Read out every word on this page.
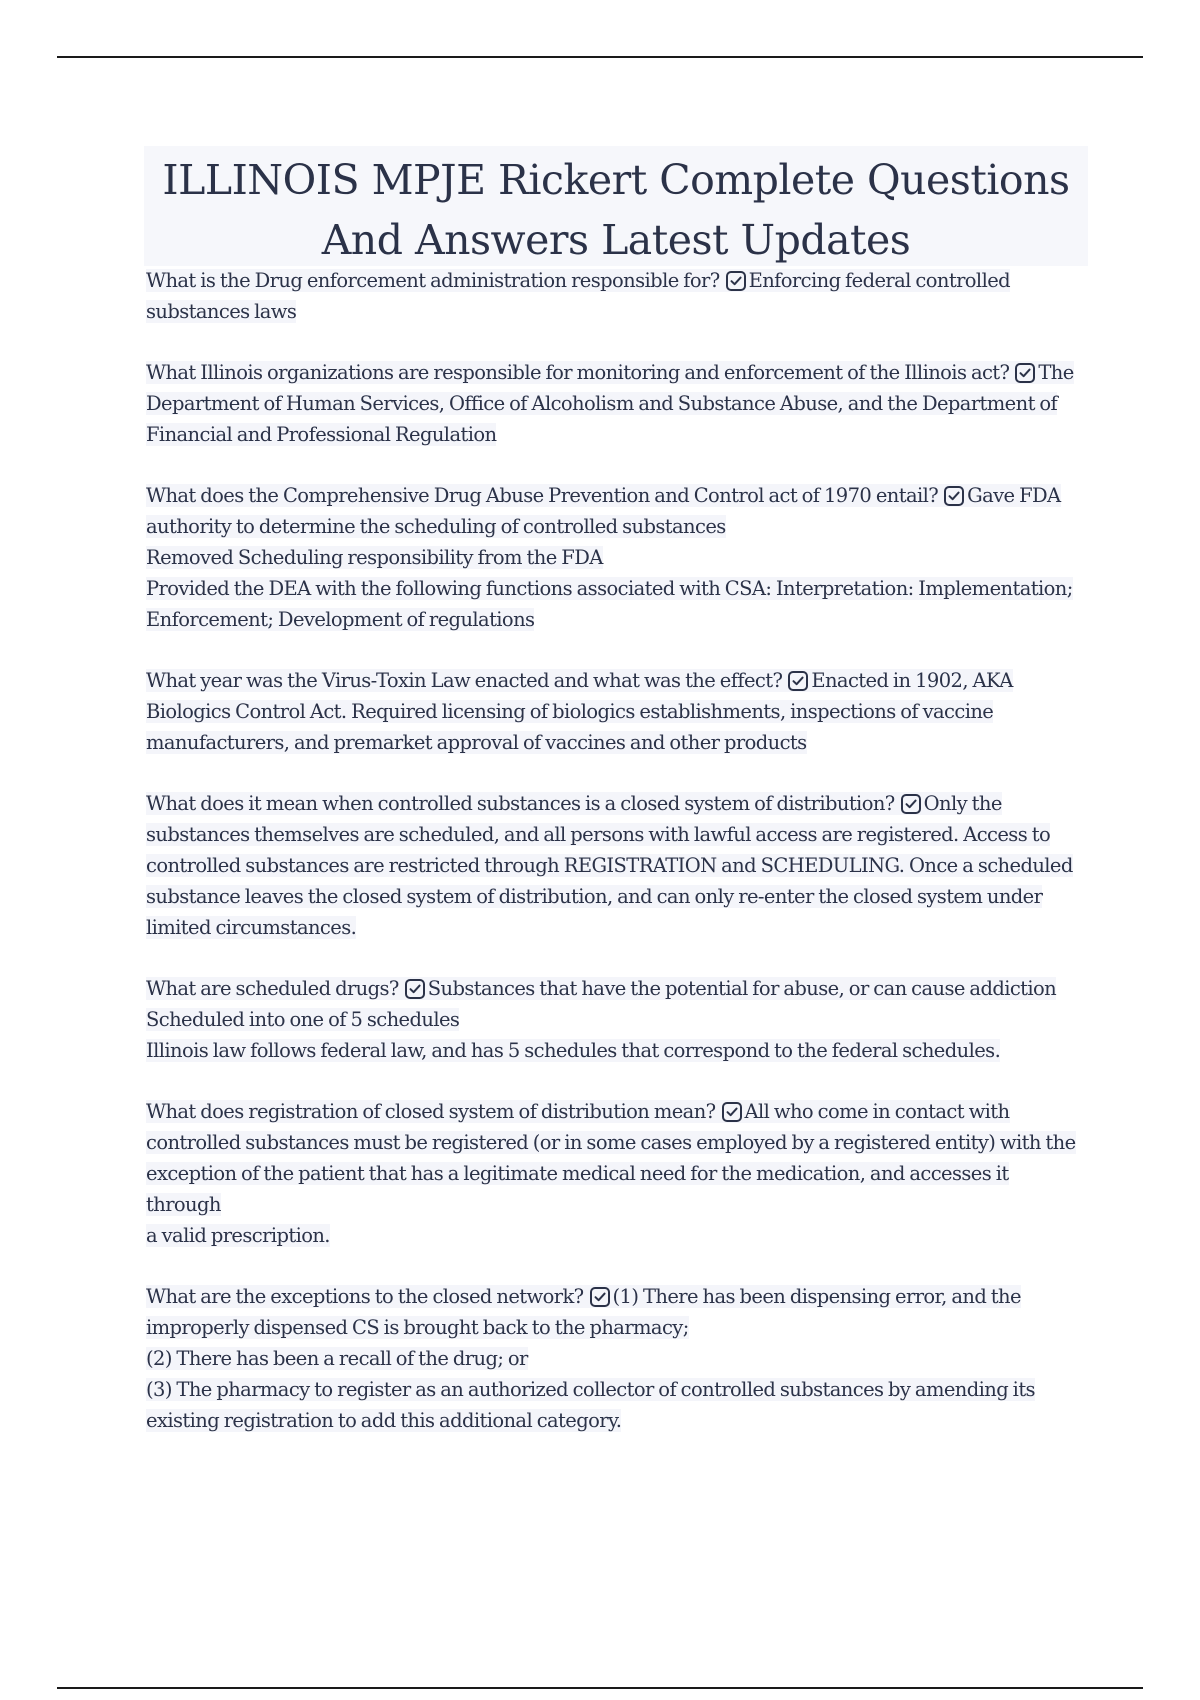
ILLINOIS MPJE Rickert Complete Questions
And Answers Latest Updates

What is the Drug enforcement administration responsible for? Enforcing federal controlled
substances laws

What Illinois organizations are responsible for monitoring and enforcement of the Illinois act? The
Department of Human Services, Office of Alcoholism and Substance Abuse, and the Department of
Financial and Professional Regulation

What does the Comprehensive Drug Abuse Prevention and Control act of 1970 entail? Gave FDA
authority to determine the scheduling of controlled substances
Removed Scheduling responsibility from the FDA
Provided the DEA with the following functions associated with CSA: Interpretation: Implementation;
Enforcement; Development of regulations

What year was the Virus-Toxin Law enacted and what was the effect? Enacted in 1902, AKA
Biologics Control Act. Required licensing of biologics establishments, inspections of vaccine
manufacturers, and premarket approval of vaccines and other products

What does it mean when controlled substances is a closed system of distribution? Only the
substances themselves are scheduled, and all persons with lawful access are registered. Access to
controlled substances are restricted through REGISTRATION and SCHEDULING. Once a scheduled
substance leaves the closed system of distribution, and can only re-enter the closed system under
limited circumstances.

What are scheduled drugs? Substances that have the potential for abuse, or can cause addiction
Scheduled into one of 5 schedules
Illinois law follows federal law, and has 5 schedules that correspond to the federal schedules.

What does registration of closed system of distribution mean? All who come in contact with
controlled substances must be registered (or in some cases employed by a registered entity) with the
exception of the patient that has a legitimate medical need for the medication, and accesses it through
a valid prescription.

What are the exceptions to the closed network? (1) There has been dispensing error, and the
improperly dispensed CS is brought back to the pharmacy;
(2) There has been a recall of the drug; or
(3) The pharmacy to register as an authorized collector of controlled substances by amending its
existing registration to add this additional category.
